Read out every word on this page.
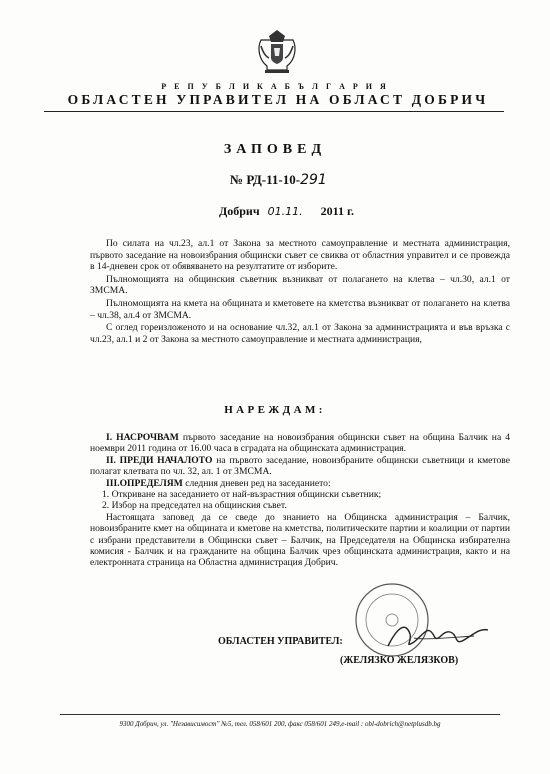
Р Е П У Б Л И К А Б Ъ Л Г А Р И Я
ОБЛАСТЕН УПРАВИТЕЛ НА ОБЛАСТ ДОБРИЧ
ЗАПОВЕД
№ РД-11-10-291
Добрич 01.11. 2011 г.

По силата на чл.23, ал.1 от Закона за местното самоуправление и местната администрация, първото заседание на новоизбрания общински съвет се свиква от областния управител и се провежда в 14-дневен срок от обявяването на резултатите от изборите.

Пълномощията на общинския съветник възникват от полагането на клетва – чл.30, ал.1 от ЗМСМА.

Пълномощията на кмета на общината и кметовете на кметства възникват от полагането на клетва – чл.38, ал.4 от ЗМСМА.

С оглед гореизложеното и на основание чл.32, ал.1 от Закона за администрацията и във връзка с чл.23, ал.1 и 2 от Закона за местното самоуправление и местната администрация,

НАРЕЖДАМ:

I. НАСРОЧВАМ първото заседание на новоизбрания общински съвет на община Балчик на 4 ноември 2011 година от 16.00 часа в сградата на общинската администрация.

II. ПРЕДИ НАЧАЛОТО на първото заседание, новоизбраните общински съветници и кметове полагат клетвата по чл. 32, ал. 1 от ЗМСМА.

III.ОПРЕДЕЛЯМ следния дневен ред на заседанието:

1. Откриване на заседанието от най-възрастния общински съветник;

2. Избор на председател на общинския съвет.

Настоящата заповед да се сведе до знанието на Общинска администрация – Балчик, новоизбраните кмет на общината и кметове на кметства, политическите партии и коалиции от партии с избрани представители в Общински съвет – Балчик, на Председателя на Общинска избирателна комисия - Балчик и на гражданите на община Балчик чрез общинската администрация, както и на електронната страница на Областна администрация Добрич.

ОБЛАСТЕН УПРАВИТЕЛ:
(ЖЕЛЯЗКО ЖЕЛЯЗКОВ)
9300 Добрич, ул. "Независимост" №5, тел. 058/601 200, факс 058/601 249,e-mail : obl-dobrich@netplusdb.bg
